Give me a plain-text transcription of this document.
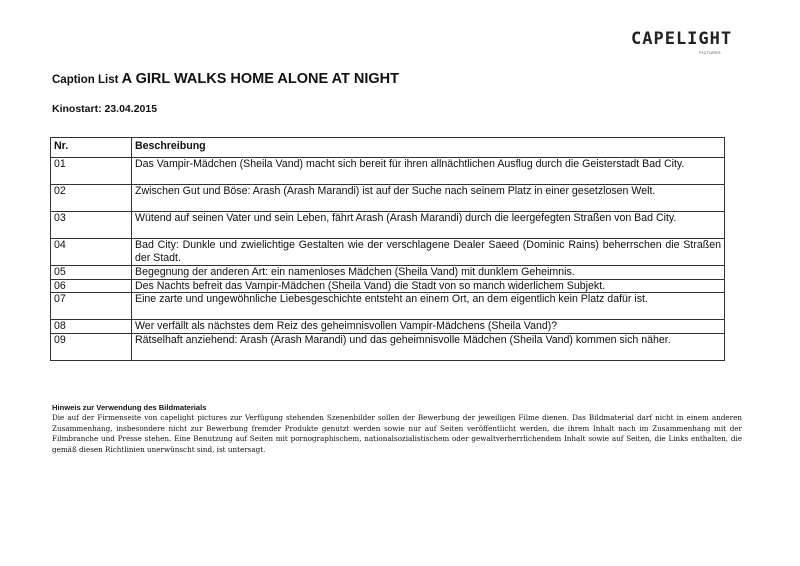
CAPELIGHT
PICTURES
Caption List A GIRL WALKS HOME ALONE AT NIGHT
Kinostart: 23.04.2015
Nr.	Beschreibung
01	Das Vampir-Mädchen (Sheila Vand) macht sich bereit für ihren allnächtlichen Ausflug durch die Geisterstadt Bad City.
02	Zwischen Gut und Böse: Arash (Arash Marandi) ist auf der Suche nach seinem Platz in einer gesetzlosen Welt.
03	Wütend auf seinen Vater und sein Leben, fährt Arash (Arash Marandi) durch die leergefegten Straßen von Bad City.
04	Bad City: Dunkle und zwielichtige Gestalten wie der verschlagene Dealer Saeed (Dominic Rains) beherrschen die Straßen der Stadt.
05	Begegnung der anderen Art: ein namenloses Mädchen (Sheila Vand) mit dunklem Geheimnis.
06	Des Nachts befreit das Vampir-Mädchen (Sheila Vand) die Stadt von so manch widerlichem Subjekt.
07	Eine zarte und ungewöhnliche Liebesgeschichte entsteht an einem Ort, an dem eigentlich kein Platz dafür ist.
08	Wer verfällt als nächstes dem Reiz des geheimnisvollen Vampir-Mädchens (Sheila Vand)?
09	Rätselhaft anziehend: Arash (Arash Marandi) und das geheimnisvolle Mädchen (Sheila Vand) kommen sich näher.
Hinweis zur Verwendung des Bildmaterials
Die auf der Firmenseite von capelight pictures zur Verfügung stehenden Szenenbilder sollen der Bewerbung der jeweiligen Filme dienen. Das Bildmaterial darf nicht in einem anderen Zusammenhang, insbesondere nicht zur Bewerbung fremder Produkte genutzt werden sowie nur auf Seiten veröffentlicht werden, die ihrem Inhalt nach im Zusammenhang mit der Filmbranche und Presse stehen. Eine Benutzung auf Seiten mit pornographischem, nationalsozialistischem oder gewaltverherrlichendem Inhalt sowie auf Seiten, die Links enthalten, die gemäß diesen Richtlinien unerwünscht sind, ist untersagt.
